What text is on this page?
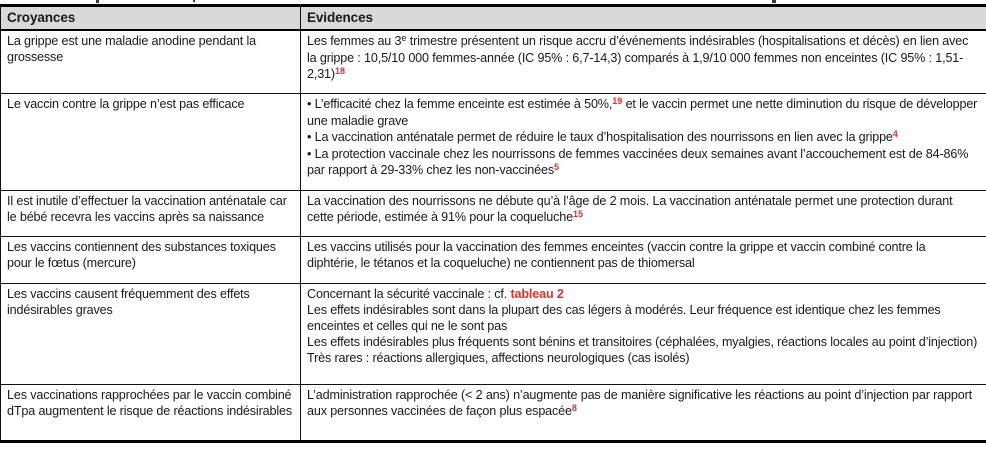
Croyances	Evidences
La grippe est une maladie anodine pendant la grossesse	Les femmes au 3e trimestre présentent un risque accru d’événements indésirables (hospitalisations et décès) en lien avec la grippe : 10,5/10 000 femmes-année (IC 95% : 6,7-14,3) comparés à 1,9/10 000 femmes non enceintes (IC 95% : 1,51-2,31)$^{18}$

Le vaccin contre la grippe n’est pas efficace	• L’efficacité chez la femme enceinte est estimée à 50%,$^{19}$ et le vaccin permet une nette diminution du risque de développer une maladie grave
• La vaccination anténatale permet de réduire le taux d’hospitalisation des nourrissons en lien avec la grippe$^4$
• La protection vaccinale chez les nourrissons de femmes vaccinées deux semaines avant l’accouchement est de 84-86% par rapport à 29-33% chez les non-vaccinées$^5$

Il est inutile d’effectuer la vaccination anténatale car le bébé recevra les vaccins après sa naissance	La vaccination des nourrissons ne débute qu’à l’âge de 2 mois. La vaccination anténatale permet une protection durant cette période, estimée à 91% pour la coqueluche$^{15}$

Les vaccins contiennent des substances toxiques pour le fœtus (mercure)	Les vaccins utilisés pour la vaccination des femmes enceintes (vaccin contre la grippe et vaccin combiné contre la diphtérie, le tétanos et la coqueluche) ne contiennent pas de thiomersal

Les vaccins causent fréquemment des effets indésirables graves	Concernant la sécurité vaccinale : cf. tableau 2
Les effets indésirables sont dans la plupart des cas légers à modérés. Leur fréquence est identique chez les femmes enceintes et celles qui ne le sont pas
Les effets indésirables plus fréquents sont bénins et transitoires (céphalées, myalgies, réactions locales au point d’injection)
Très rares : réactions allergiques, affections neurologiques (cas isolés)

Les vaccinations rapprochées par le vaccin combiné dTpa augmentent le risque de réactions indésirables	L’administration rapprochée (< 2 ans) n’augmente pas de manière significative les réactions au point d’injection par rapport aux personnes vaccinées de façon plus espacée$^8$
